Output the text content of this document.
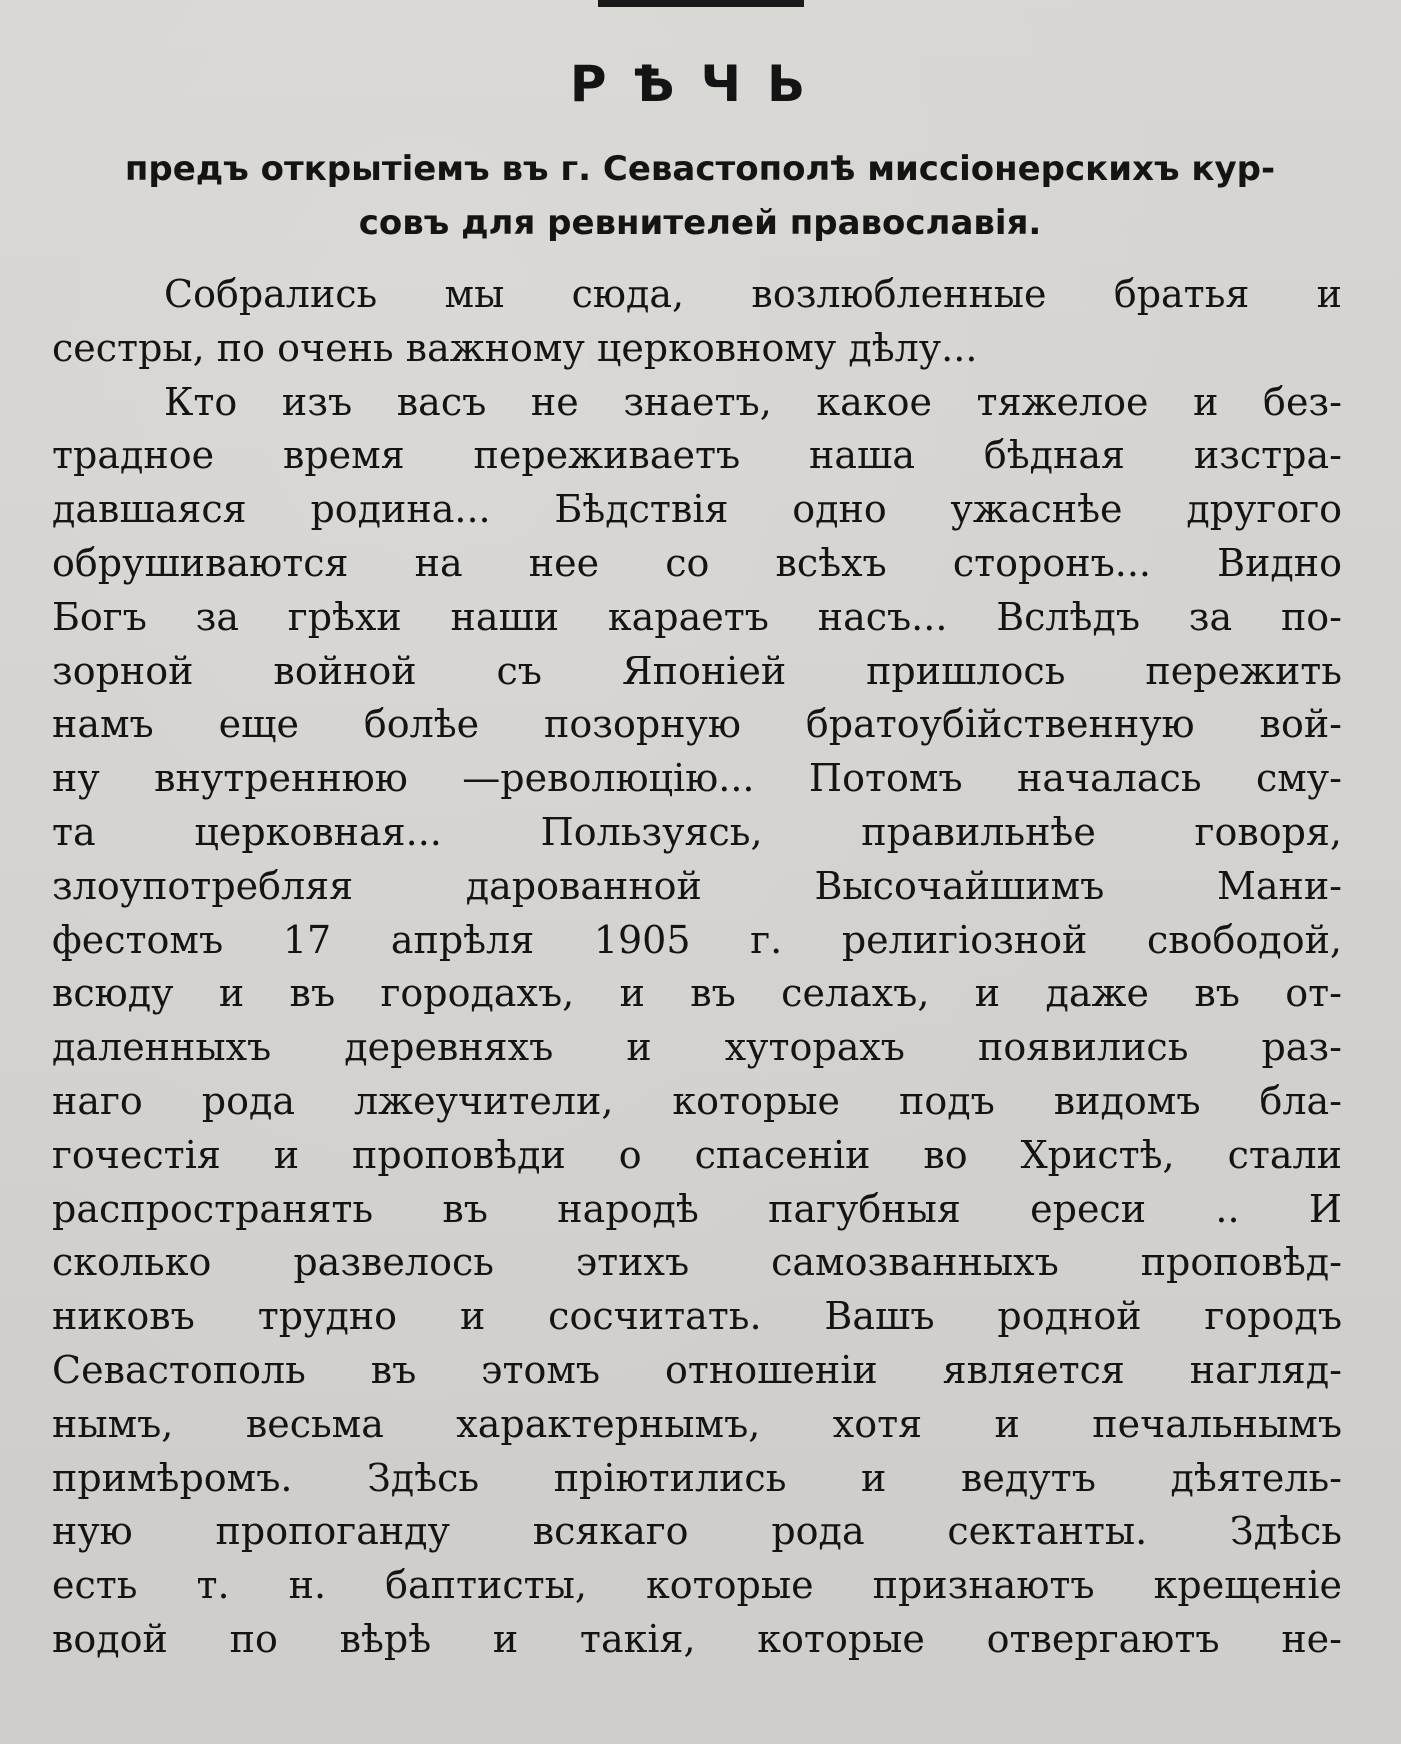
РѢЧЬ
предъ открытіемъ въ г. Севастополѣ миссіонерскихъ кур-
совъ для ревнителей православія.
Собрались мы сюда, возлюбленные братья и
сестры, по очень важному церковному дѣлу...
Кто изъ васъ не знаетъ, какое тяжелое и без-
традное время переживаетъ наша бѣдная изстра-
давшаяся родина... Бѣдствія одно ужаснѣе другого
обрушиваются на нее со всѣхъ сторонъ... Видно
Богъ за грѣхи наши караетъ насъ... Вслѣдъ за по-
зорной войной съ Японіей пришлось пережить
намъ еще болѣе позорную братоубійственную вой-
ну внутреннюю —революцію... Потомъ началась сму-
та церковная... Пользуясь, правильнѣе говоря,
злоупотребляя дарованной Высочайшимъ Мани-
фестомъ 17 апрѣля 1905 г. религіозной свободой,
всюду и въ городахъ, и въ селахъ, и даже въ от-
даленныхъ деревняхъ и хуторахъ появились раз-
наго рода лжеучители, которые подъ видомъ бла-
гочестія и проповѣди о спасеніи во Христѣ, стали
распространять въ народѣ пагубныя ереси .. И
сколько развелось этихъ самозванныхъ проповѣд-
никовъ трудно и сосчитать. Вашъ родной городъ
Севастополь въ этомъ отношеніи является нагляд-
нымъ, весьма характернымъ, хотя и печальнымъ
примѣромъ. Здѣсь пріютились и ведутъ дѣятель-
ную пропоганду всякаго рода сектанты. Здѣсь
есть т. н. баптисты, которые признаютъ крещеніе
водой по вѣрѣ и такія, которые отвергаютъ не-
